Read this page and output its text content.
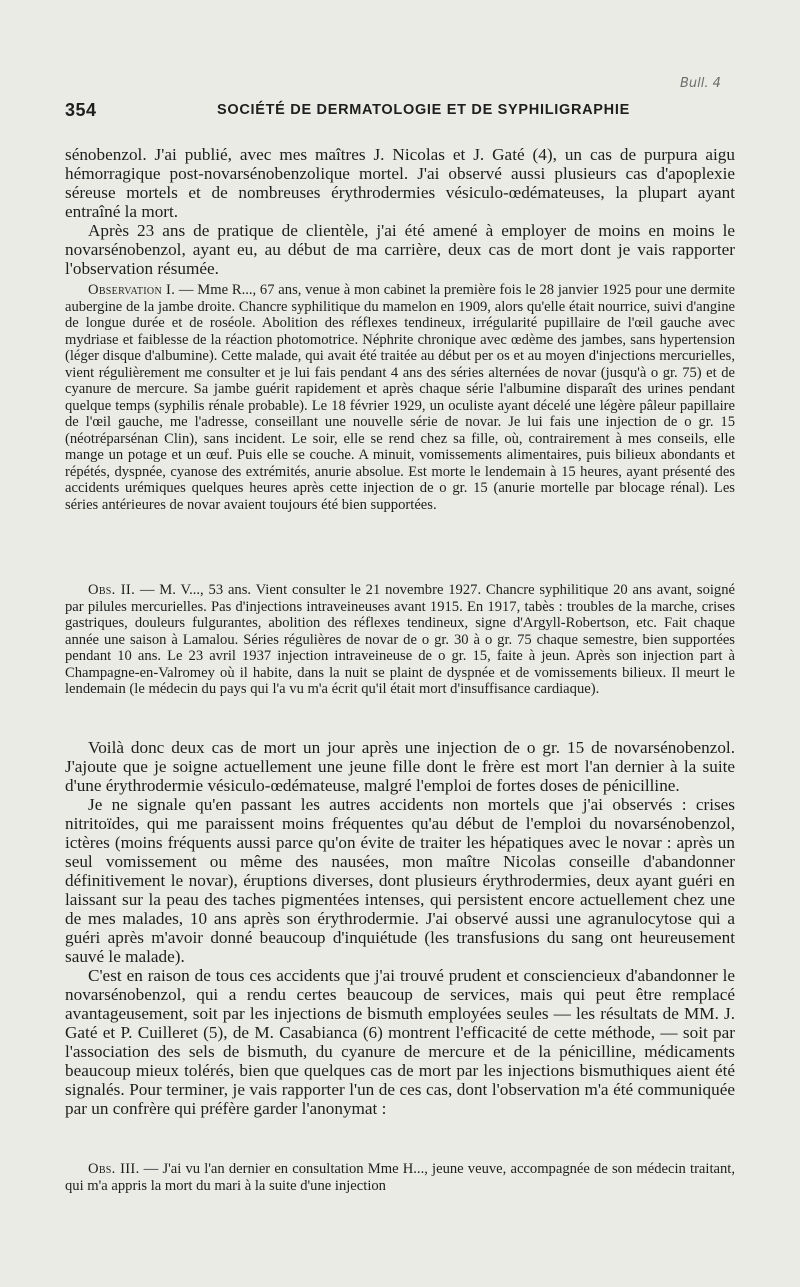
Bull. 4
354	SOCIÉTÉ DE DERMATOLOGIE ET DE SYPHILIGRAPHIE

sénobenzol. J'ai publié, avec mes maîtres J. Nicolas et J. Gaté (4), un cas de purpura aigu hémorragique post-novarsénobenzolique mortel. J'ai observé aussi plusieurs cas d'apoplexie séreuse mortels et de nombreuses érythrodermies vésiculo-œdémateuses, la plupart ayant entraîné la mort.

Après 23 ans de pratique de clientèle, j'ai été amené à employer de moins en moins le novarsénobenzol, ayant eu, au début de ma carrière, deux cas de mort dont je vais rapporter l'observation résumée.

Observation I. — Mme R..., 67 ans, venue à mon cabinet la première fois le 28 janvier 1925 pour une dermite aubergine de la jambe droite. Chancre syphilitique du mamelon en 1909, alors qu'elle était nourrice, suivi d'angine de longue durée et de roséole. Abolition des réflexes tendineux, irrégularité pupillaire de l'œil gauche avec mydriase et faiblesse de la réaction photomotrice. Néphrite chronique avec œdème des jambes, sans hypertension (léger disque d'albumine). Cette malade, qui avait été traitée au début per os et au moyen d'injections mercurielles, vient régulièrement me consulter et je lui fais pendant 4 ans des séries alternées de novar (jusqu'à o gr. 75) et de cyanure de mercure. Sa jambe guérit rapidement et après chaque série l'albumine disparaît des urines pendant quelque temps (syphilis rénale probable). Le 18 février 1929, un oculiste ayant décelé une légère pâleur papillaire de l'œil gauche, me l'adresse, conseillant une nouvelle série de novar. Je lui fais une injection de o gr. 15 (néotréparsénan Clin), sans incident. Le soir, elle se rend chez sa fille, où, contrairement à mes conseils, elle mange un potage et un œuf. Puis elle se couche. A minuit, vomissements alimentaires, puis bilieux abondants et répétés, dyspnée, cyanose des extrémités, anurie absolue. Est morte le lendemain à 15 heures, ayant présenté des accidents urémiques quelques heures après cette injection de o gr. 15 (anurie mortelle par blocage rénal). Les séries antérieures de novar avaient toujours été bien supportées.

Obs. II. — M. V..., 53 ans. Vient consulter le 21 novembre 1927. Chancre syphilitique 20 ans avant, soigné par pilules mercurielles. Pas d'injections intraveineuses avant 1915. En 1917, tabès : troubles de la marche, crises gastriques, douleurs fulgurantes, abolition des réflexes tendineux, signe d'Argyll-Robertson, etc. Fait chaque année une saison à Lamalou. Séries régulières de novar de o gr. 30 à o gr. 75 chaque semestre, bien supportées pendant 10 ans. Le 23 avril 1937 injection intraveineuse de o gr. 15, faite à jeun. Après son injection part à Champagne-en-Valromey où il habite, dans la nuit se plaint de dyspnée et de vomissements bilieux. Il meurt le lendemain (le médecin du pays qui l'a vu m'a écrit qu'il était mort d'insuffisance cardiaque).

Voilà donc deux cas de mort un jour après une injection de o gr. 15 de novarsénobenzol. J'ajoute que je soigne actuellement une jeune fille dont le frère est mort l'an dernier à la suite d'une érythrodermie vésiculo-œdémateuse, malgré l'emploi de fortes doses de pénicilline.

Je ne signale qu'en passant les autres accidents non mortels que j'ai observés : crises nitritoïdes, qui me paraissent moins fréquentes qu'au début de l'emploi du novarsénobenzol, ictères (moins fréquents aussi parce qu'on évite de traiter les hépatiques avec le novar : après un seul vomissement ou même des nausées, mon maître Nicolas conseille d'abandonner définitivement le novar), éruptions diverses, dont plusieurs érythrodermies, deux ayant guéri en laissant sur la peau des taches pigmentées intenses, qui persistent encore actuellement chez une de mes malades, 10 ans après son érythrodermie. J'ai observé aussi une agranulocytose qui a guéri après m'avoir donné beaucoup d'inquiétude (les transfusions du sang ont heureusement sauvé le malade).

C'est en raison de tous ces accidents que j'ai trouvé prudent et consciencieux d'abandonner le novarsénobenzol, qui a rendu certes beaucoup de services, mais qui peut être remplacé avantageusement, soit par les injections de bismuth employées seules — les résultats de MM. J. Gaté et P. Cuilleret (5), de M. Casabianca (6) montrent l'efficacité de cette méthode, — soit par l'association des sels de bismuth, du cyanure de mercure et de la pénicilline, médicaments beaucoup mieux tolérés, bien que quelques cas de mort par les injections bismuthiques aient été signalés. Pour terminer, je vais rapporter l'un de ces cas, dont l'observation m'a été communiquée par un confrère qui préfère garder l'anonymat :

Obs. III. — J'ai vu l'an dernier en consultation Mme H..., jeune veuve, accompagnée de son médecin traitant, qui m'a appris la mort du mari à la suite d'une injection
